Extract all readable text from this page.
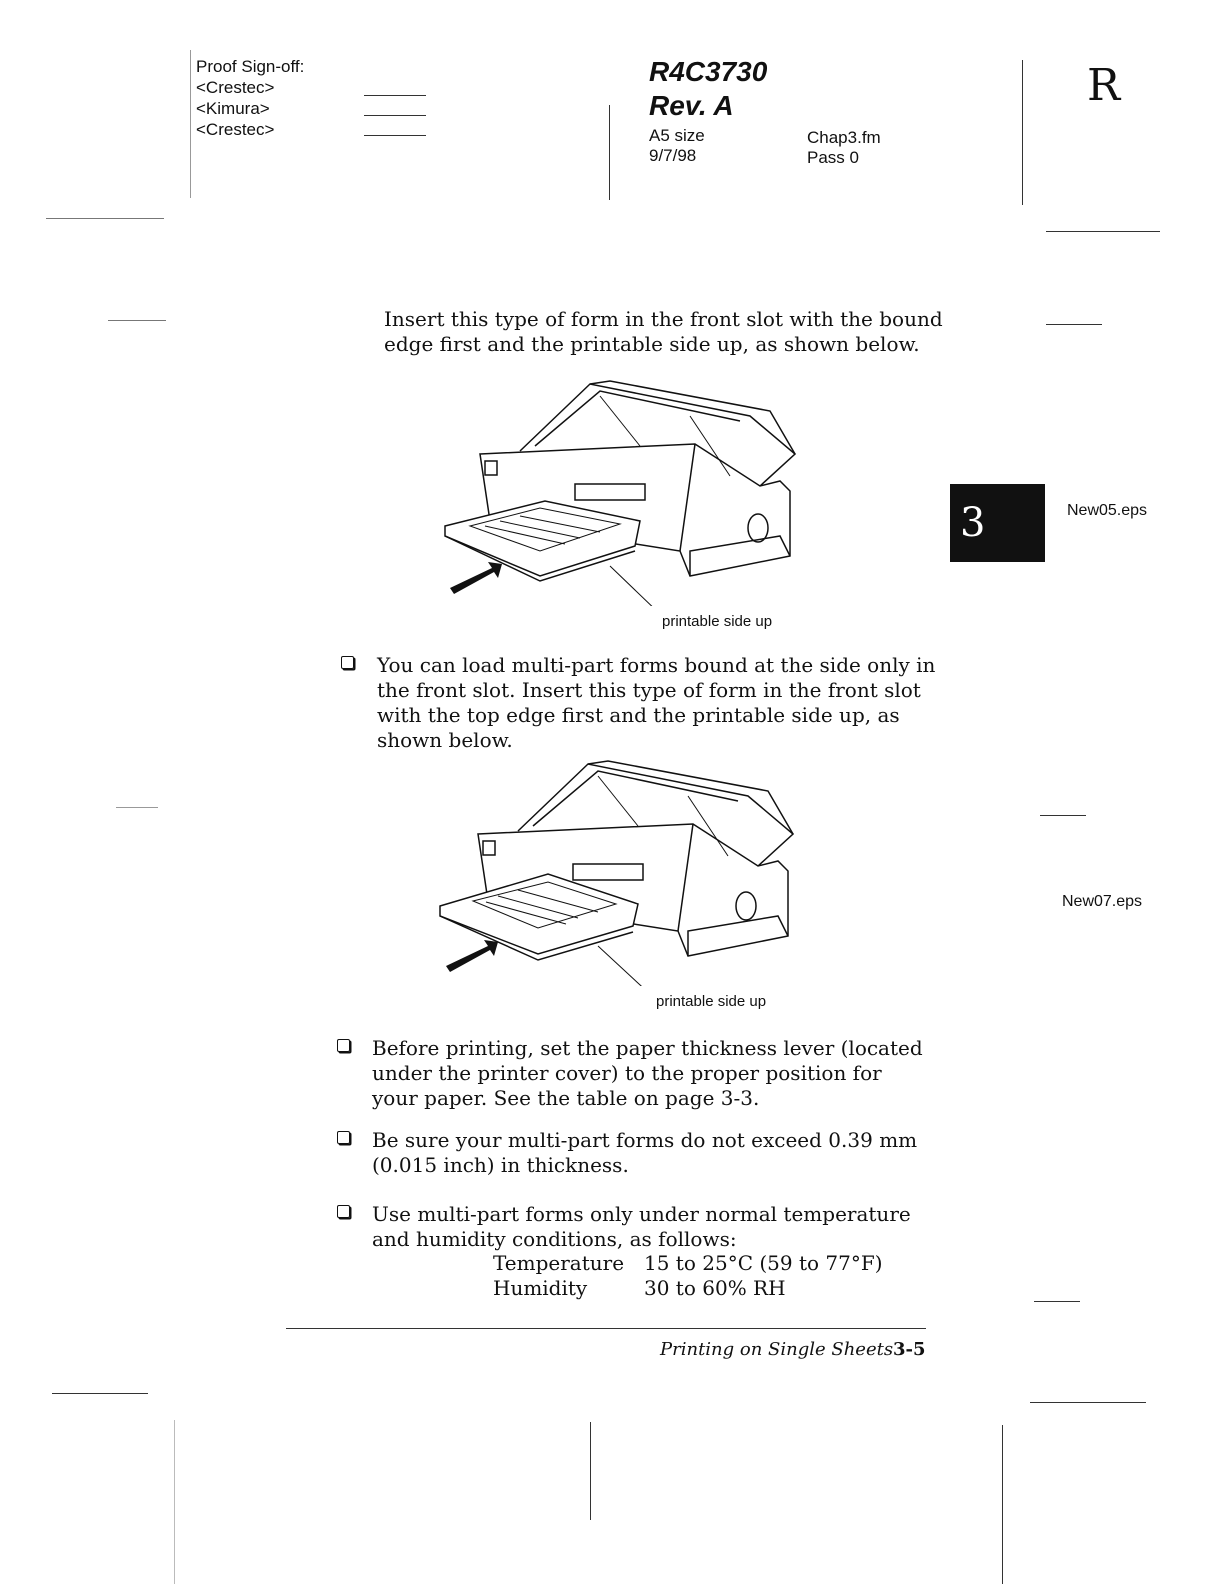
Proof Sign-off:
<Crestec>
<Kimura>
<Crestec>
R4C3730
Rev. A
A5 size
9/7/98
Chap3.fm
Pass 0
R
3
Insert this type of form in the front slot with the bound edge first and the printable side up, as shown below.
printable side up
New05.eps
You can load multi-part forms bound at the side only in the front slot. Insert this type of form in the front slot with the top edge first and the printable side up, as shown below.
printable side up
New07.eps
Before printing, set the paper thickness lever (located under the printer cover) to the proper position for your paper. See the table on page 3-3.
Be sure your multi-part forms do not exceed 0.39 mm (0.015 inch) in thickness.
Use multi-part forms only under normal temperature and humidity conditions, as follows:
Temperature 15 to 25°C (59 to 77°F)
Humidity	30 to 60% RH
Printing on Single Sheets 3-5
